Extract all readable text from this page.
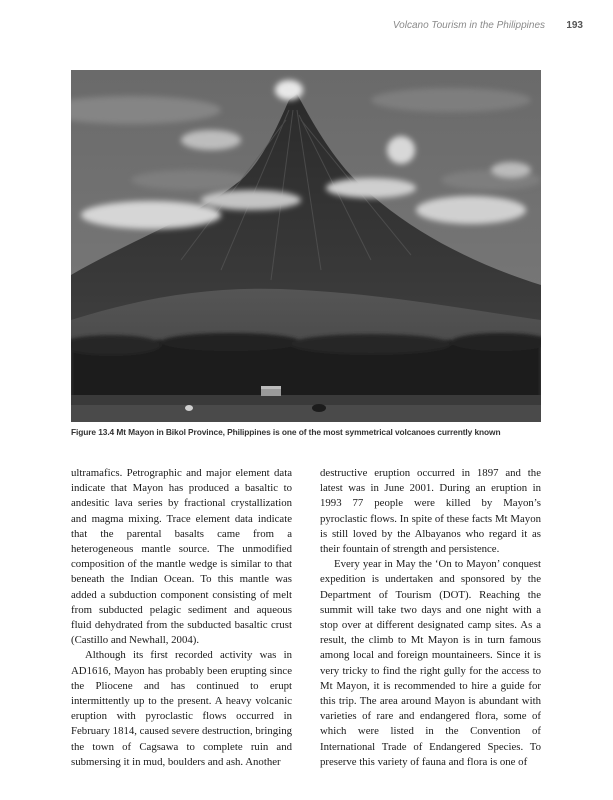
Volcano Tourism in the Philippines 193
Figure 13.4 Mt Mayon in Bikol Province, Philippines is one of the most symmetrical volcanoes currently known

ultramafics. Petrographic and major element data indicate that Mayon has produced a basaltic to andesitic lava series by fractional crystallization and magma mixing. Trace element data indicate that the parental basalts came from a heterogeneous mantle source. The unmodified composition of the mantle wedge is similar to that beneath the Indian Ocean. To this mantle was added a subduction component consisting of melt from subducted pelagic sediment and aqueous fluid dehydrated from the subducted basaltic crust (Castillo and Newhall, 2004).

Although its first recorded activity was in AD1616, Mayon has probably been erupting since the Pliocene and has continued to erupt intermittently up to the present. A heavy volcanic eruption with pyroclastic flows occurred in February 1814, caused severe destruction, bringing the town of Cagsawa to complete ruin and submersing it in mud, boulders and ash. Another

destructive eruption occurred in 1897 and the latest was in June 2001. During an eruption in 1993 77 people were killed by Mayon’s pyroclastic flows. In spite of these facts Mt Mayon is still loved by the Albayanos who regard it as their fountain of strength and persistence.

Every year in May the ‘On to Mayon’ conquest expedition is undertaken and sponsored by the Department of Tourism (DOT). Reaching the summit will take two days and one night with a stop over at different designated camp sites. As a result, the climb to Mt Mayon is in turn famous among local and foreign mountaineers. Since it is very tricky to find the right gully for the access to Mt Mayon, it is recommended to hire a guide for this trip. The area around Mayon is abundant with varieties of rare and endangered flora, some of which were listed in the Convention of International Trade of Endangered Species. To preserve this variety of fauna and flora is one of
